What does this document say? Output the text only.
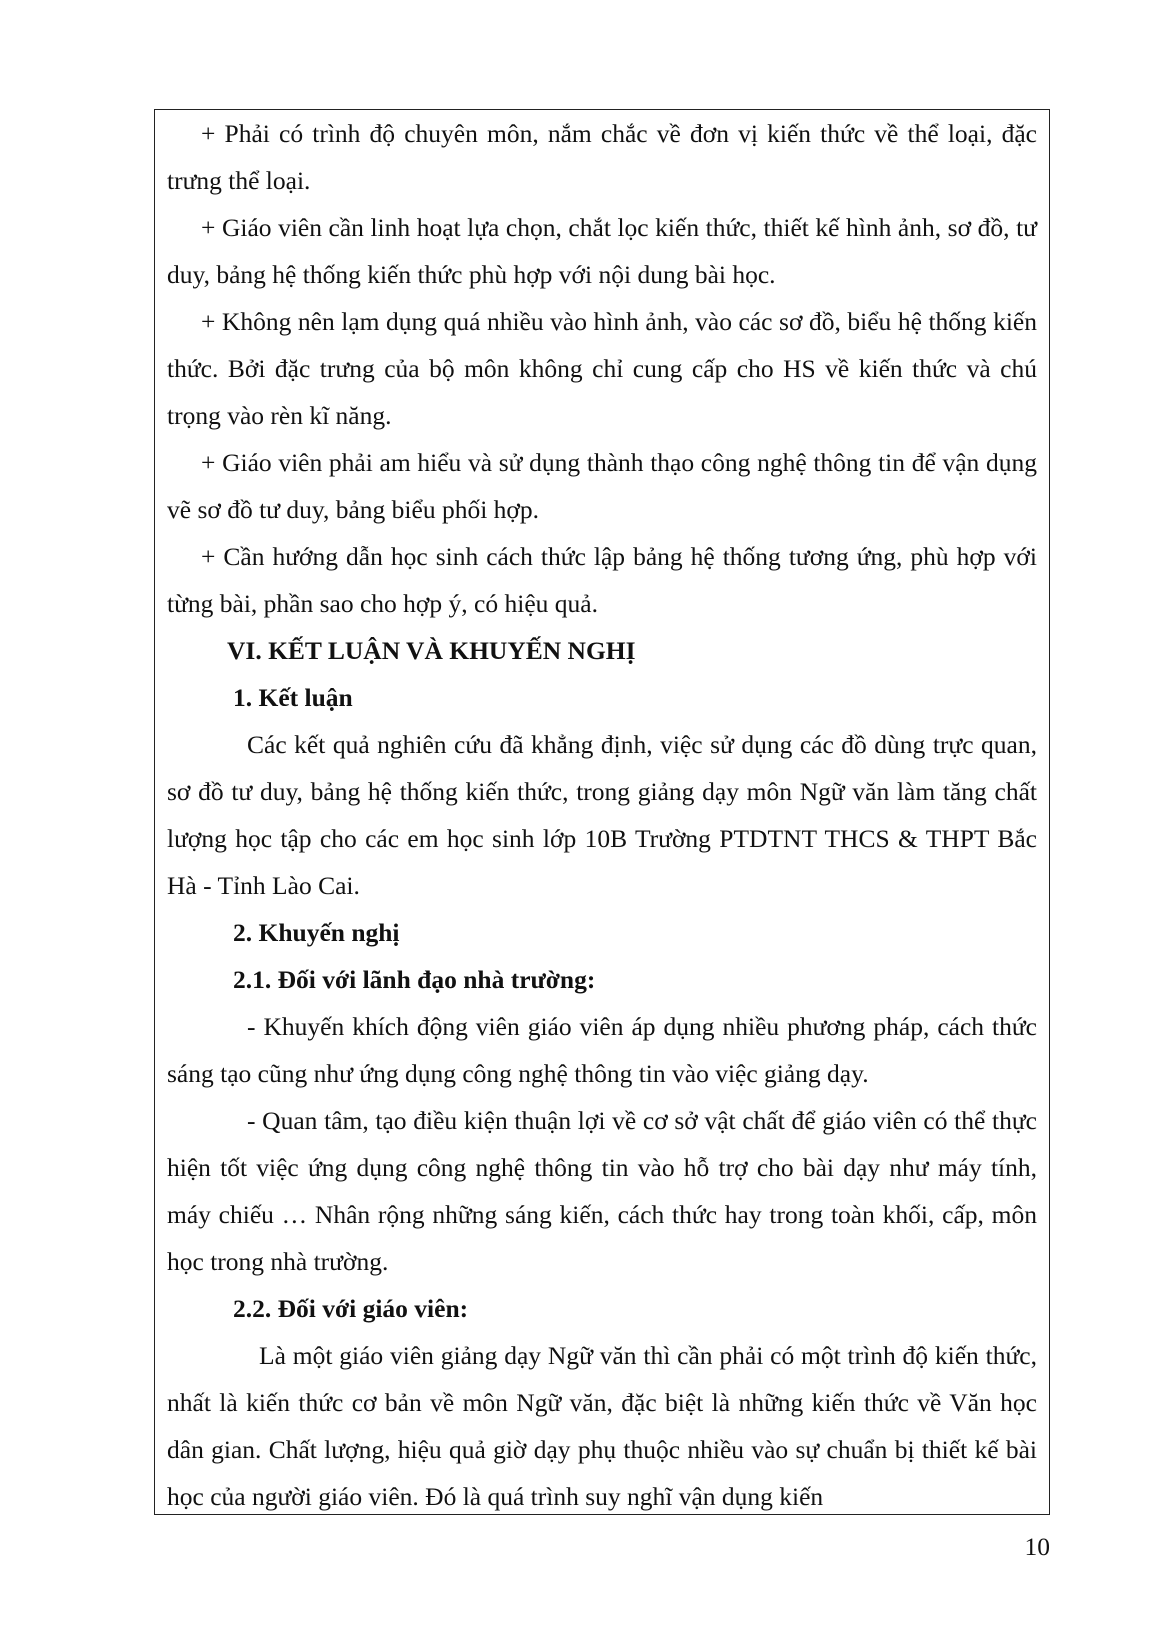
+ Phải có trình độ chuyên môn, nắm chắc về đơn vị kiến thức về thể loại, đặc trưng thể loại.

+ Giáo viên cần linh hoạt lựa chọn, chắt lọc kiến thức, thiết kế hình ảnh, sơ đồ, tư duy, bảng hệ thống kiến thức phù hợp với nội dung bài học.

+ Không nên lạm dụng quá nhiều vào hình ảnh, vào các sơ đồ, biểu hệ thống kiến thức. Bởi đặc trưng của bộ môn không chỉ cung cấp cho HS về kiến thức và chú trọng vào rèn kĩ năng.

+ Giáo viên phải am hiểu và sử dụng thành thạo công nghệ thông tin để vận dụng vẽ sơ đồ tư duy, bảng biểu phối hợp.

+ Cần hướng dẫn học sinh cách thức lập bảng hệ thống tương ứng, phù hợp với từng bài, phần sao cho hợp ý, có hiệu quả.

VI. KẾT LUẬN VÀ KHUYẾN NGHỊ

1. Kết luận

Các kết quả nghiên cứu đã khẳng định, việc sử dụng các đồ dùng trực quan, sơ đồ tư duy, bảng hệ thống kiến thức, trong giảng dạy môn Ngữ văn làm tăng chất lượng học tập cho các em học sinh lớp 10B Trường PTDTNT THCS & THPT Bắc Hà - Tỉnh Lào Cai.

2. Khuyến nghị

2.1. Đối với lãnh đạo nhà trường:

- Khuyến khích động viên giáo viên áp dụng nhiều phương pháp, cách thức sáng tạo cũng như ứng dụng công nghệ thông tin vào việc giảng dạy.

- Quan tâm, tạo điều kiện thuận lợi về cơ sở vật chất để giáo viên có thể thực hiện tốt việc ứng dụng công nghệ thông tin vào hỗ trợ cho bài dạy như máy tính, máy chiếu … Nhân rộng những sáng kiến, cách thức hay trong toàn khối, cấp, môn học trong nhà trường.

2.2. Đối với giáo viên:

Là một giáo viên giảng dạy Ngữ văn thì cần phải có một trình độ kiến thức, nhất là kiến thức cơ bản về môn Ngữ văn, đặc biệt là những kiến thức về Văn học dân gian. Chất lượng, hiệu quả giờ dạy phụ thuộc nhiều vào sự chuẩn bị thiết kế bài học của người giáo viên. Đó là quá trình suy nghĩ vận dụng kiến

10
